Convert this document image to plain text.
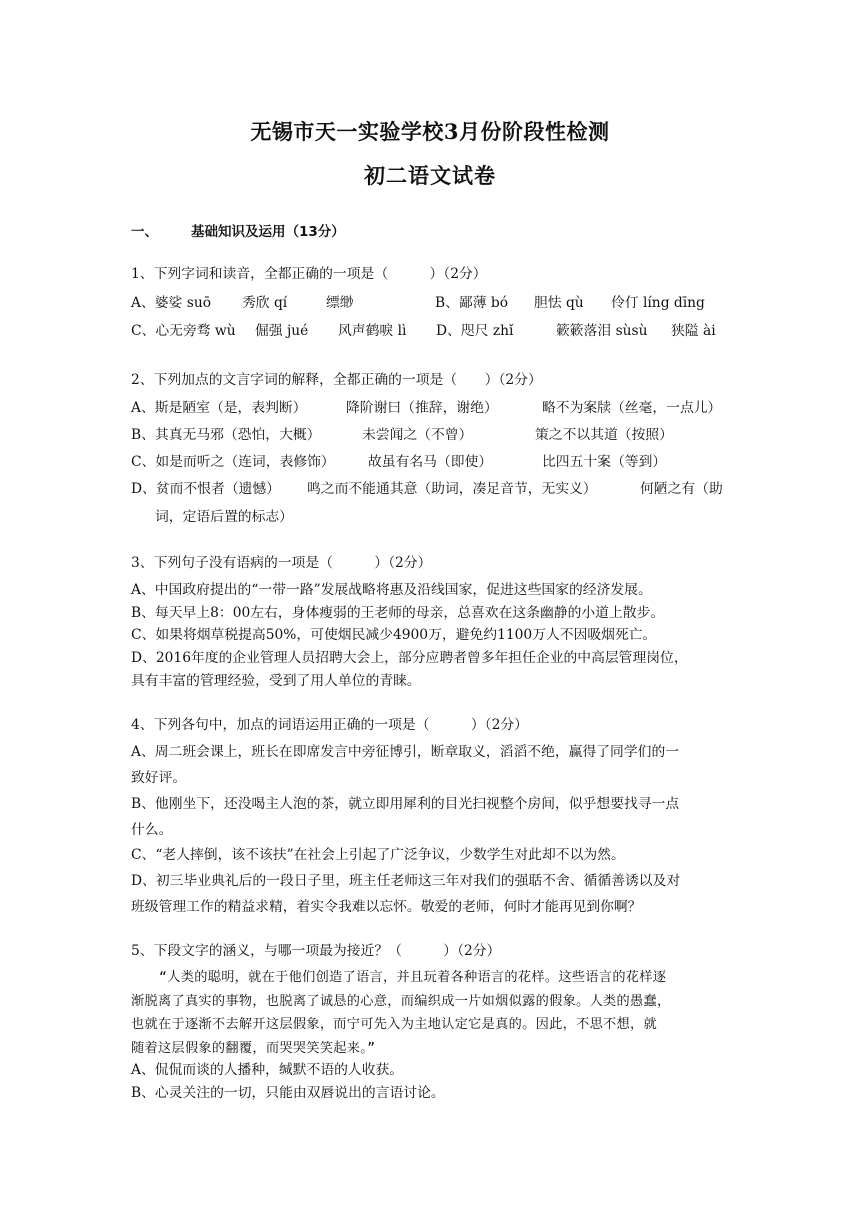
无锡市天一实验学校3月份阶段性检测
初二语文试卷
一、 基础知识及运用（13分）
1、下列字词和读音，全都正确的一项是（　　　）（2分）
A、婆娑 suō 秀欣 qí	缥缈	B、鄙薄 bó 胆怯 qù 伶仃 líng dīng
C、心无旁骛 wù 倔强 jué 风声鹤唳 lì D、咫尺 zhǐ	簌簌落泪 sùsù 狭隘 ài
2、下列加点的文言字词的解释，全都正确的一项是（　　）（2分）
A、斯是陋室（是，表判断）	降阶谢曰（推辞，谢绝）	略不为案牍（丝毫，一点儿）
B、其真无马邪（恐怕，大概）	未尝闻之（不曾）	策之不以其道（按照）
C、如是而听之（连词，表修饰） 故虽有名马（即使）	比四五十案（等到）
D、贫而不恨者（遗憾） 鸣之而不能通其意（助词，凑足音节，无实义）	何陋之有（助
词，定语后置的标志）
3、下列句子没有语病的一项是（　　　）（2分）
A、中国政府提出的“一带一路”发展战略将惠及沿线国家，促进这些国家的经济发展。
B、每天早上8：00左右，身体瘦弱的王老师的母亲，总喜欢在这条幽静的小道上散步。
C、如果将烟草税提高50%，可使烟民减少4900万，避免约1100万人不因吸烟死亡。
D、2016年度的企业管理人员招聘大会上，部分应聘者曾多年担任企业的中高层管理岗位，
具有丰富的管理经验，受到了用人单位的青睐。
4、下列各句中，加点的词语运用正确的一项是（　　　）（2分）
A、周二班会课上，班长在即席发言中旁征博引，断章取义，滔滔不绝，赢得了同学们的一
致好评。
B、他刚坐下，还没喝主人泡的茶，就立即用犀利的目光扫视整个房间，似乎想要找寻一点
什么。
C、“老人摔倒，该不该扶”在社会上引起了广泛争议，少数学生对此却不以为然。
D、初三毕业典礼后的一段日子里，班主任老师这三年对我们的强聒不舍、循循善诱以及对
班级管理工作的精益求精，着实令我难以忘怀。敬爱的老师，何时才能再见到你啊？
5、下段文字的涵义，与哪一项最为接近？（　　　）（2分）
“人类的聪明，就在于他们创造了语言，并且玩着各种语言的花样。这些语言的花样逐
渐脱离了真实的事物，也脱离了诚恳的心意，而编织成一片如烟似露的假象。人类的愚蠢，
也就在于逐渐不去解开这层假象，而宁可先入为主地认定它是真的。因此，不思不想，就
随着这层假象的翻覆，而哭哭笑笑起来。”
A、侃侃而谈的人播种，缄默不语的人收获。
B、心灵关注的一切，只能由双唇说出的言语讨论。
